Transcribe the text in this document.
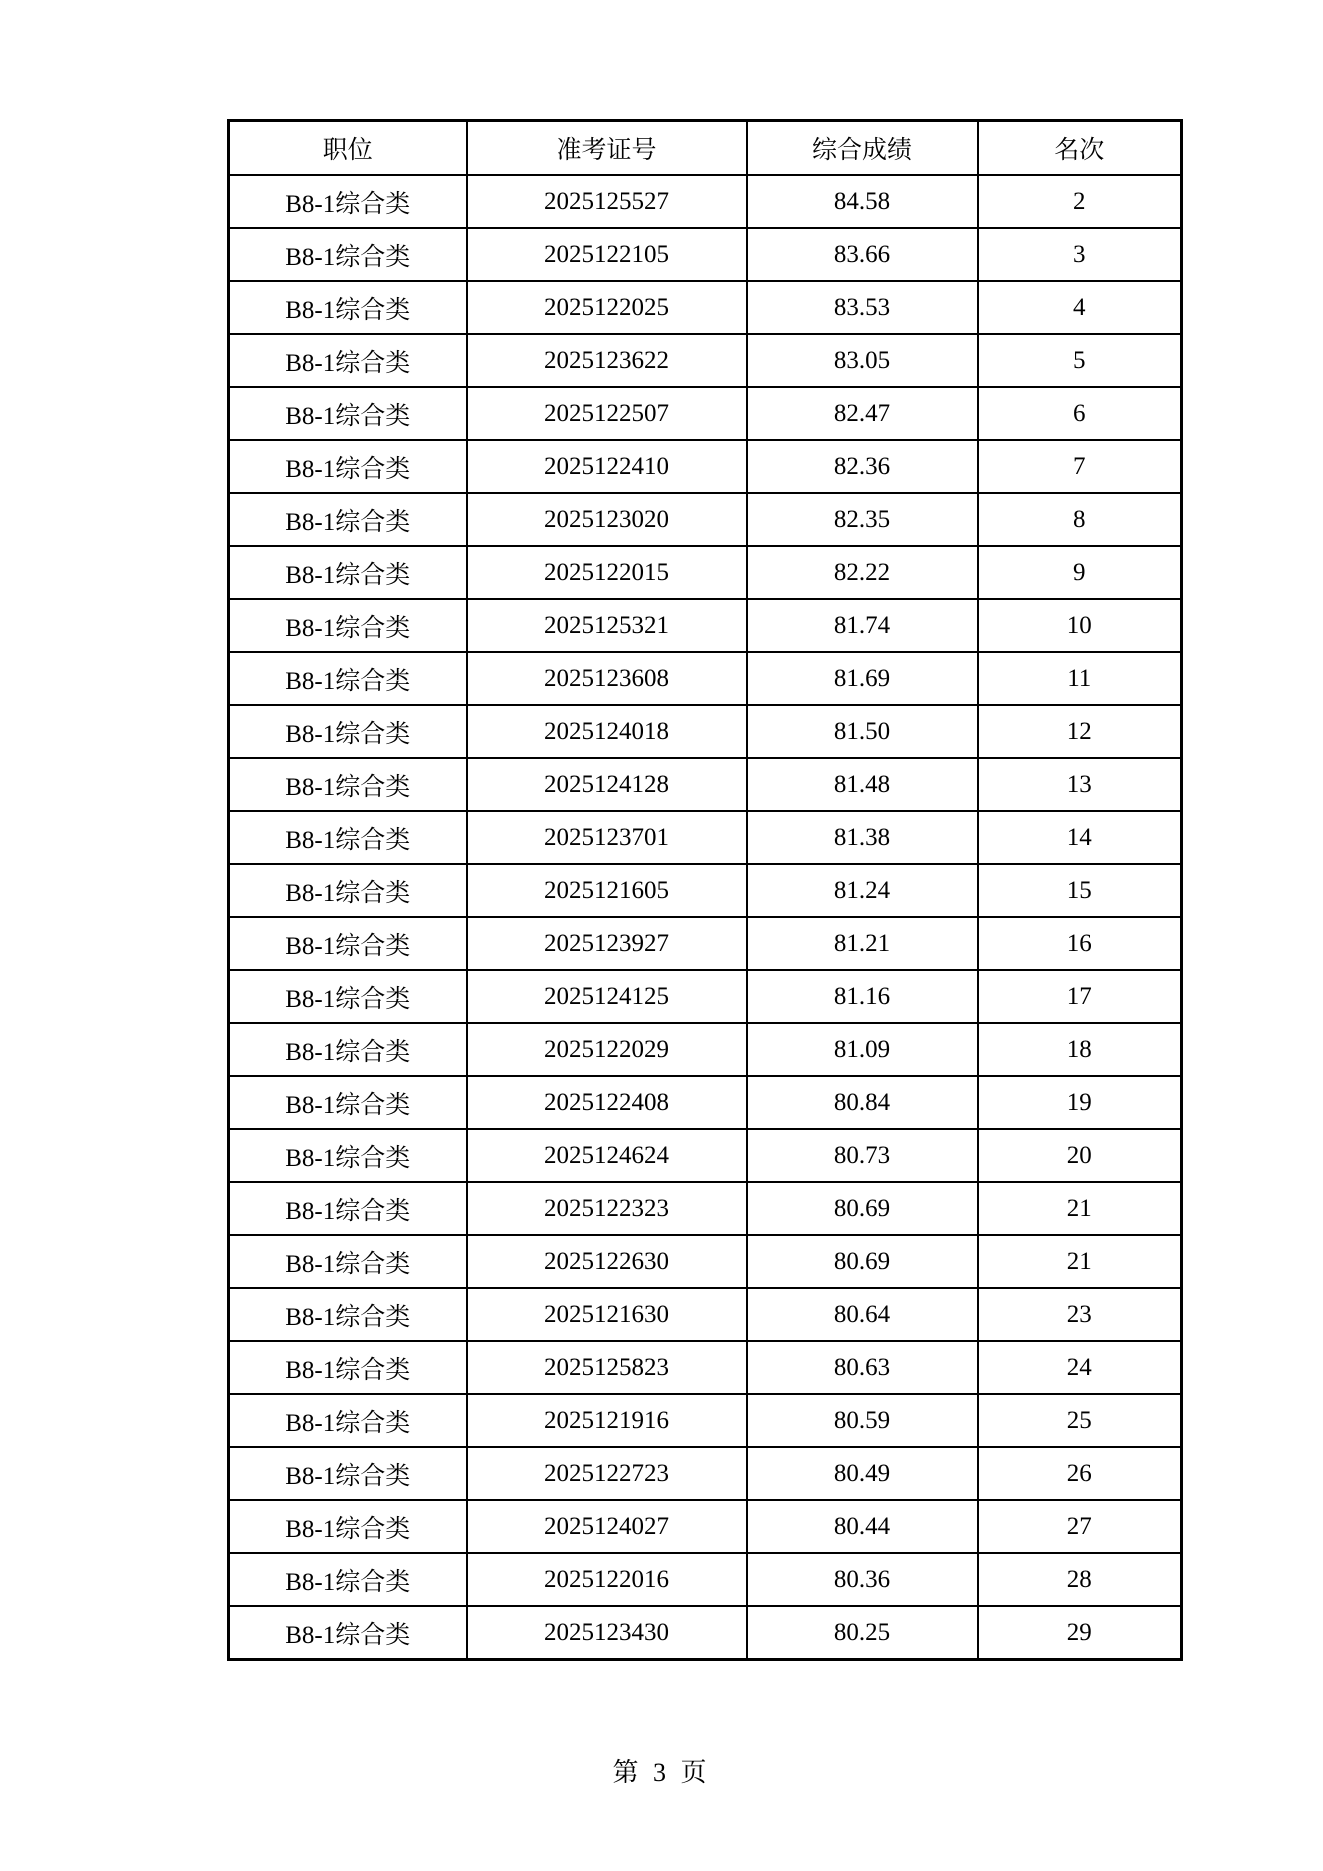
职位	准考证号	综合成绩	名次
B8-1综合类	2025125527	84.58	2
B8-1综合类	2025122105	83.66	3
B8-1综合类	2025122025	83.53	4
B8-1综合类	2025123622	83.05	5
B8-1综合类	2025122507	82.47	6
B8-1综合类	2025122410	82.36	7
B8-1综合类	2025123020	82.35	8
B8-1综合类	2025122015	82.22	9
B8-1综合类	2025125321	81.74	10
B8-1综合类	2025123608	81.69	11
B8-1综合类	2025124018	81.50	12
B8-1综合类	2025124128	81.48	13
B8-1综合类	2025123701	81.38	14
B8-1综合类	2025121605	81.24	15
B8-1综合类	2025123927	81.21	16
B8-1综合类	2025124125	81.16	17
B8-1综合类	2025122029	81.09	18
B8-1综合类	2025122408	80.84	19
B8-1综合类	2025124624	80.73	20
B8-1综合类	2025122323	80.69	21
B8-1综合类	2025122630	80.69	21
B8-1综合类	2025121630	80.64	23
B8-1综合类	2025125823	80.63	24
B8-1综合类	2025121916	80.59	25
B8-1综合类	2025122723	80.49	26
B8-1综合类	2025124027	80.44	27
B8-1综合类	2025122016	80.36	28
B8-1综合类	2025123430	80.25	29
第 3 页
